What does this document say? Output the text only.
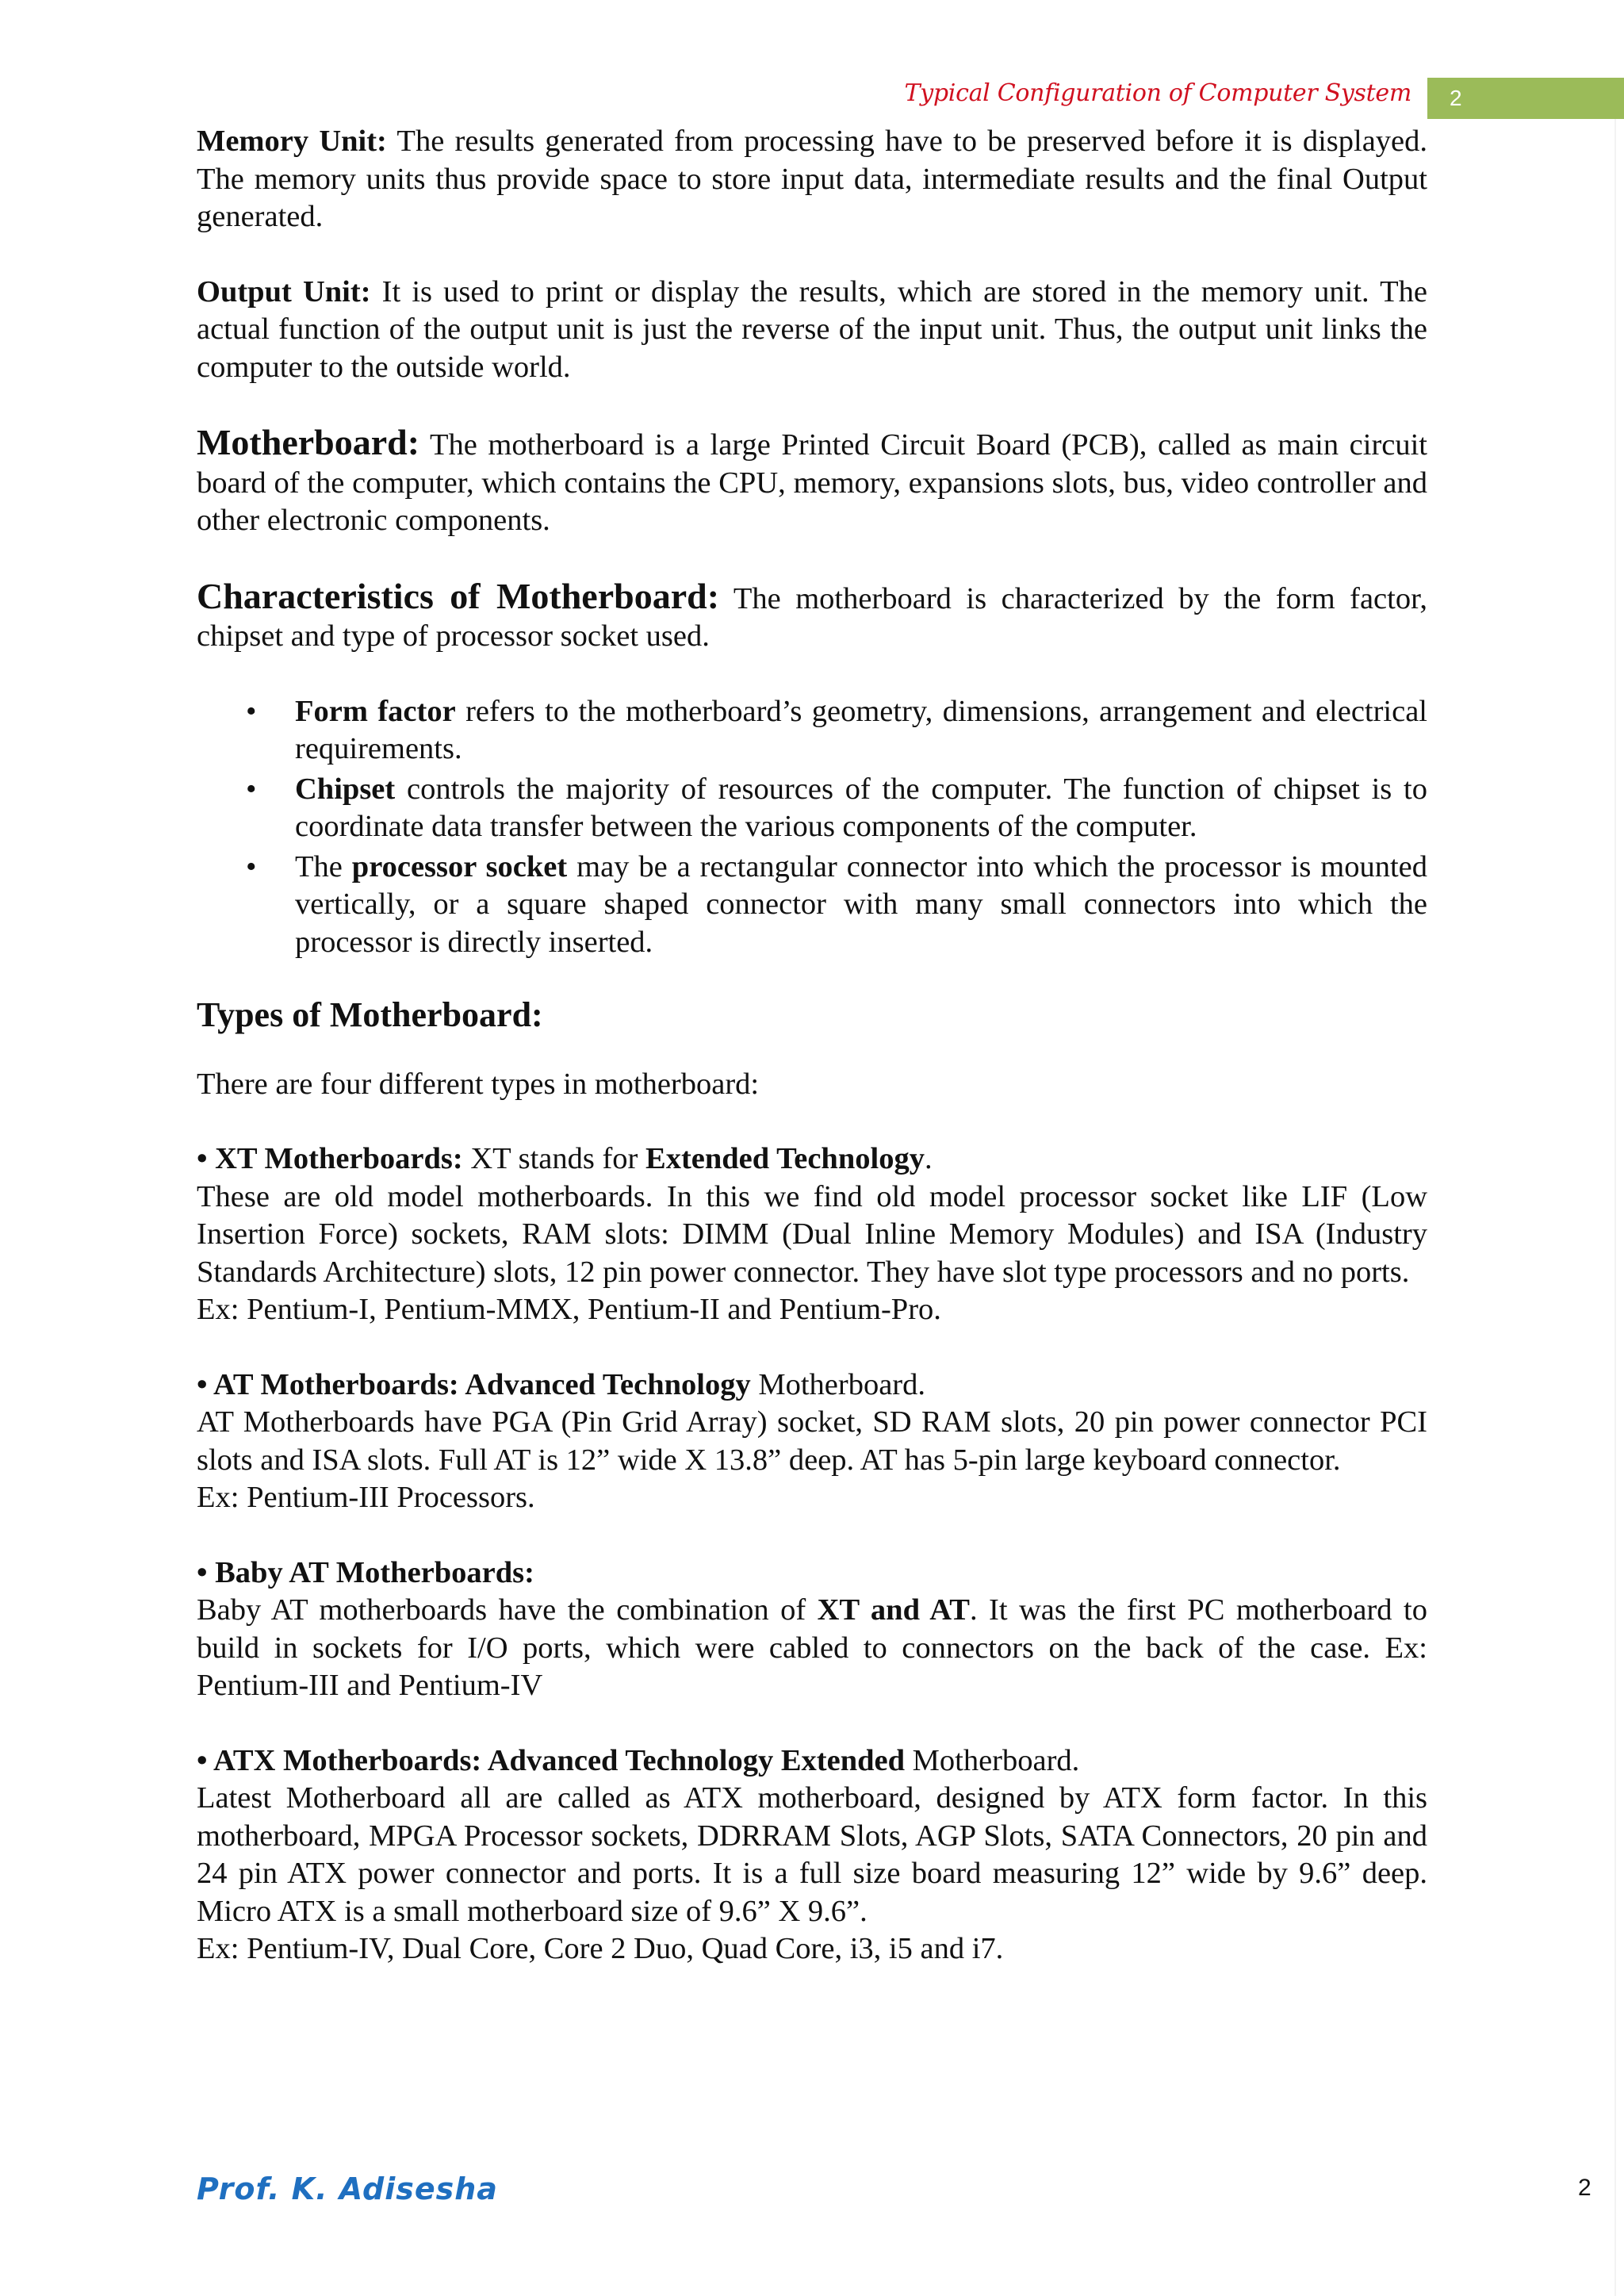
Typical Configuration of Computer System	2

Memory Unit: The results generated from processing have to be preserved before it is displayed. The memory units thus provide space to store input data, intermediate results and the final Output generated.

Output Unit: It is used to print or display the results, which are stored in the memory unit. The actual function of the output unit is just the reverse of the input unit. Thus, the output unit links the computer to the outside world.

Motherboard: The motherboard is a large Printed Circuit Board (PCB), called as main circuit board of the computer, which contains the CPU, memory, expansions slots, bus, video controller and other electronic components.

Characteristics of Motherboard: The motherboard is characterized by the form factor, chipset and type of processor socket used.

• Form factor refers to the motherboard’s geometry, dimensions, arrangement and electrical requirements.
• Chipset controls the majority of resources of the computer. The function of chipset is to coordinate data transfer between the various components of the computer.
• The processor socket may be a rectangular connector into which the processor is mounted vertically, or a square shaped connector with many small connectors into which the processor is directly inserted.

Types of Motherboard:

There are four different types in motherboard:

• XT Motherboards: XT stands for Extended Technology.

These are old model motherboards. In this we find old model processor socket like LIF (Low Insertion Force) sockets, RAM slots: DIMM (Dual Inline Memory Modules) and ISA (Industry Standards Architecture) slots, 12 pin power connector. They have slot type processors and no ports.

Ex: Pentium-I, Pentium-MMX, Pentium-II and Pentium-Pro.

• AT Motherboards: Advanced Technology Motherboard.

AT Motherboards have PGA (Pin Grid Array) socket, SD RAM slots, 20 pin power connector PCI slots and ISA slots. Full AT is 12” wide X 13.8” deep. AT has 5-pin large keyboard connector.

Ex: Pentium-III Processors.

• Baby AT Motherboards:

Baby AT motherboards have the combination of XT and AT. It was the first PC motherboard to build in sockets for I/O ports, which were cabled to connectors on the back of the case. Ex: Pentium-III and Pentium-IV

• ATX Motherboards: Advanced Technology Extended Motherboard.

Latest Motherboard all are called as ATX motherboard, designed by ATX form factor. In this motherboard, MPGA Processor sockets, DDRRAM Slots, AGP Slots, SATA Connectors, 20 pin and 24 pin ATX power connector and ports. It is a full size board measuring 12” wide by 9.6” deep. Micro ATX is a small motherboard size of 9.6” X 9.6”.

Ex: Pentium-IV, Dual Core, Core 2 Duo, Quad Core, i3, i5 and i7.

Prof. K. Adisesha	2
